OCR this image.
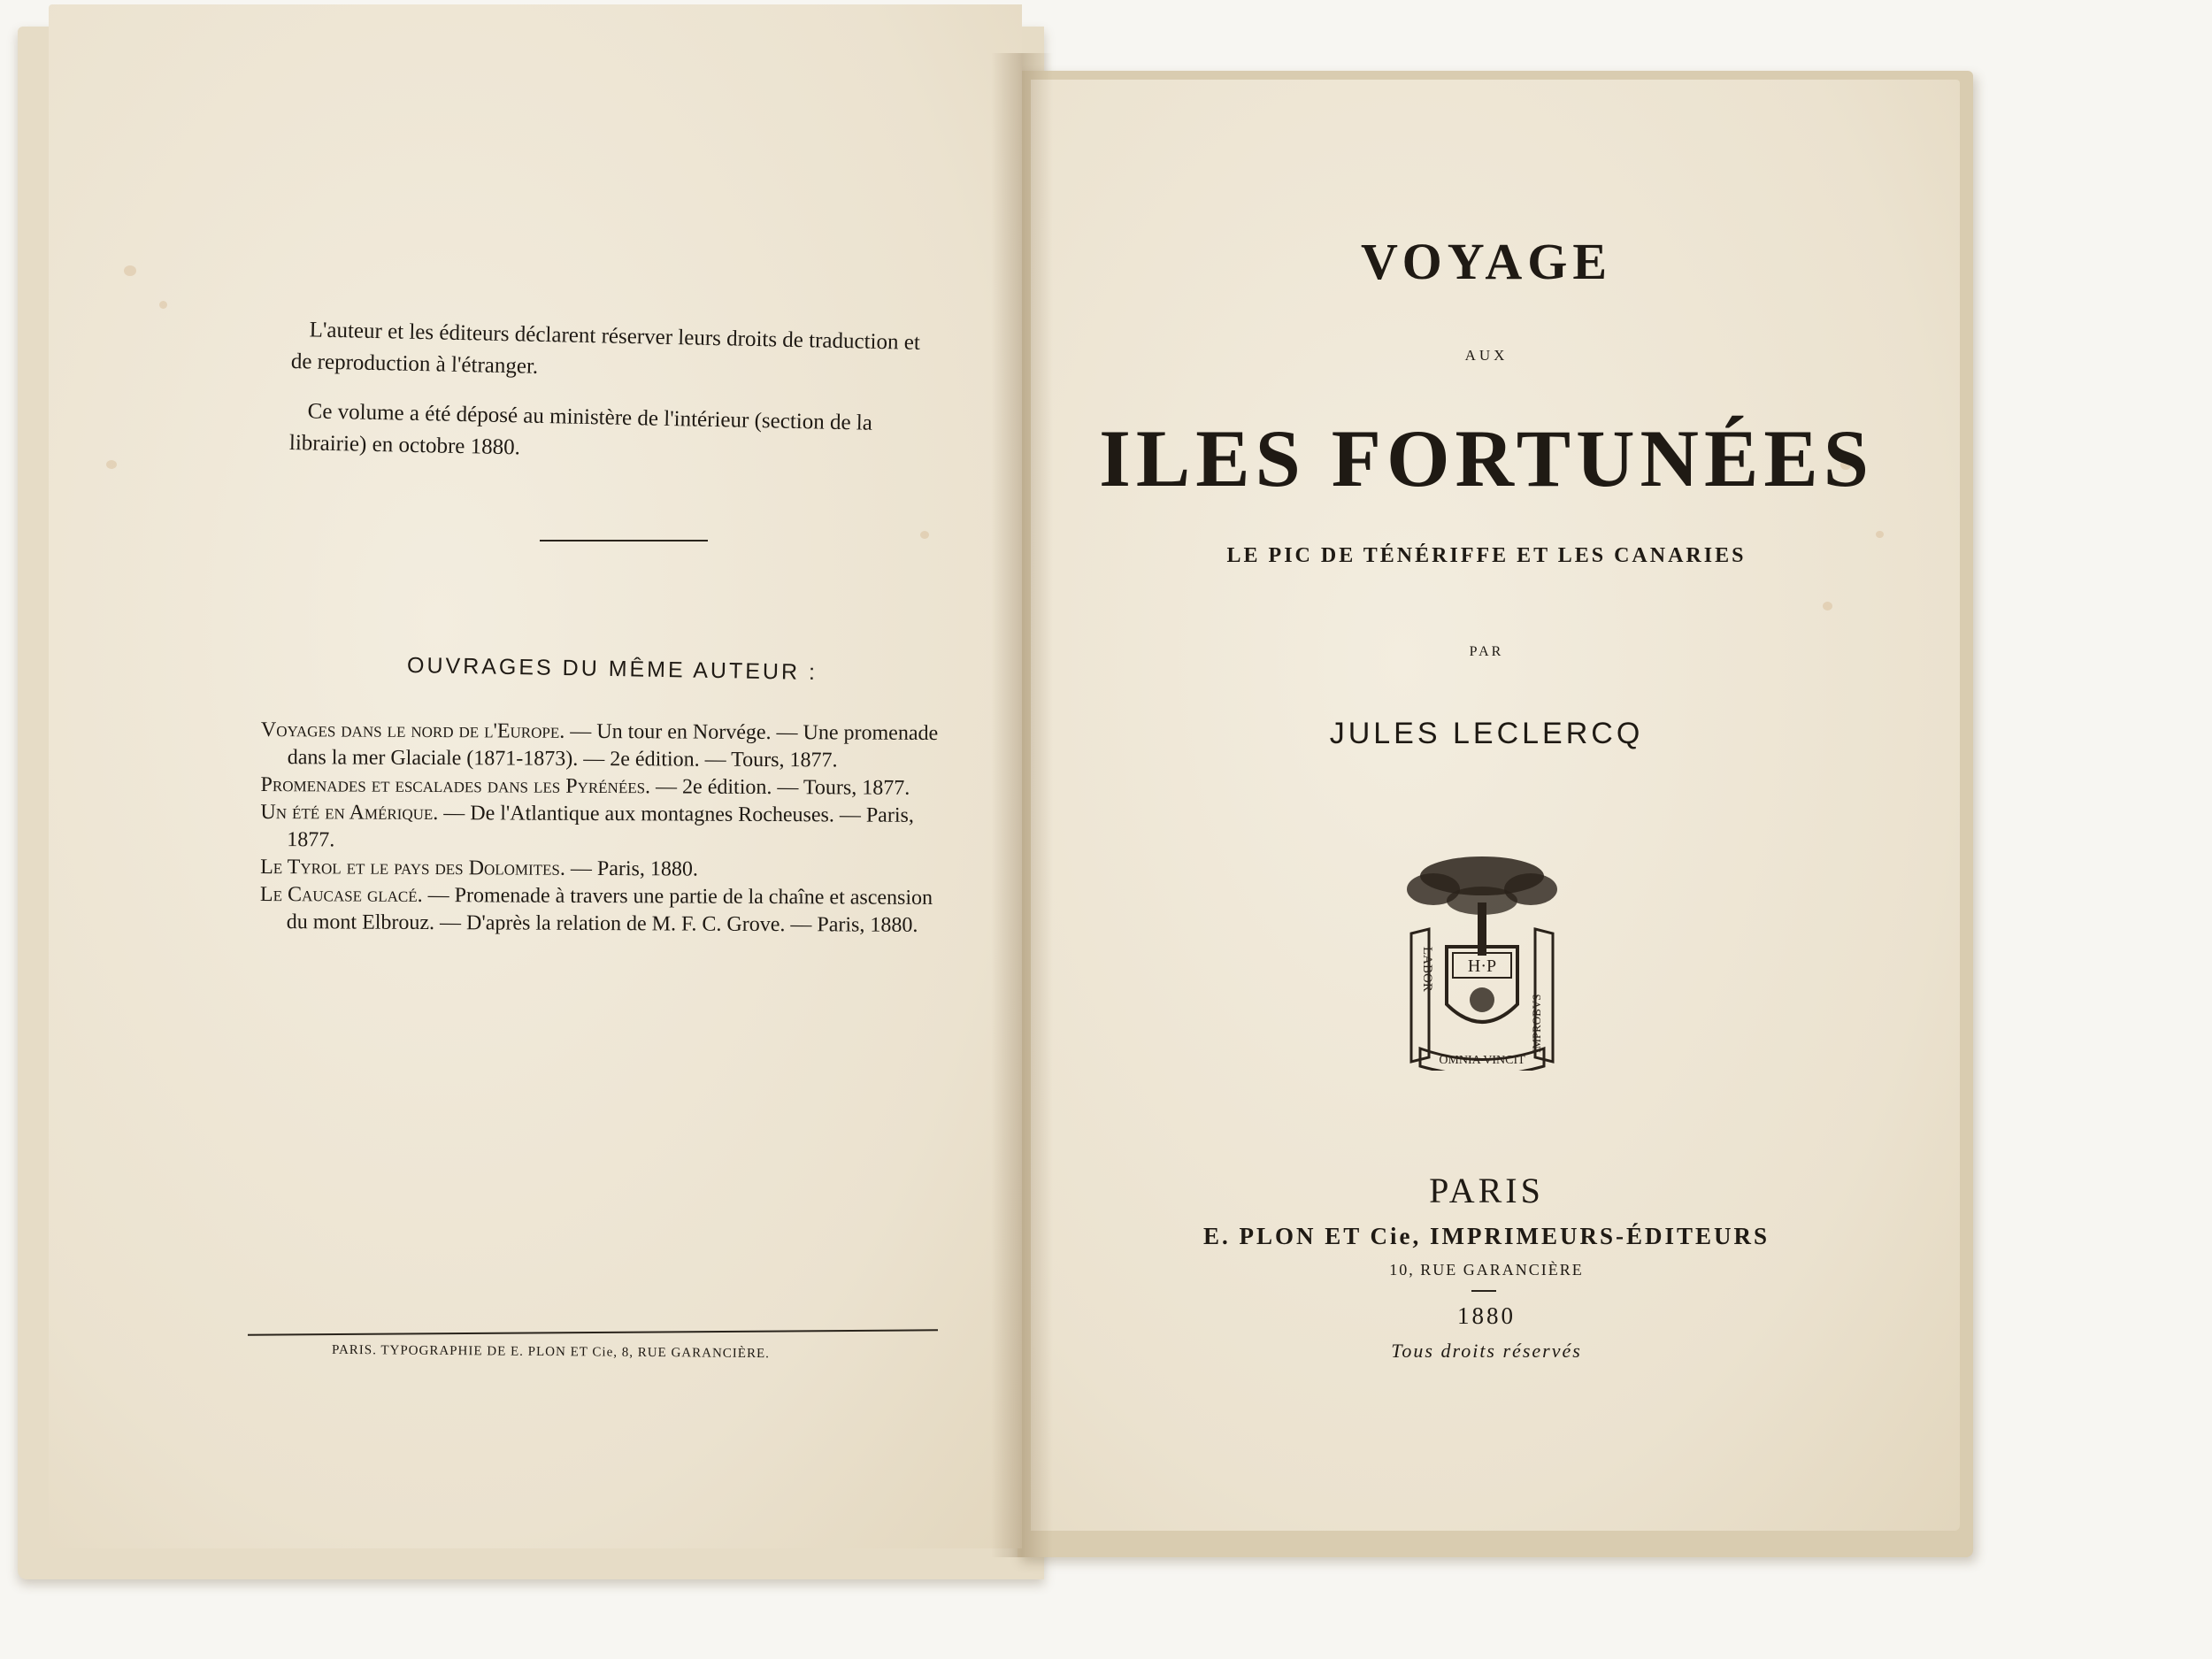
L'auteur et les éditeurs déclarent réserver leurs droits de traduction et de reproduction à l'étranger.

Ce volume a été déposé au ministère de l'intérieur (section de la librairie) en octobre 1880.

OUVRAGES DU MÊME AUTEUR :

Voyages dans le nord de l'Europe. — Un tour en Norvége. — Une promenade dans la mer Glaciale (1871-1873). — 2e édition. — Tours, 1877.

Promenades et escalades dans les Pyrénées. — 2e édition. — Tours, 1877.

Un été en Amérique. — De l'Atlantique aux montagnes Rocheuses. — Paris, 1877.

Le Tyrol et le pays des Dolomites. — Paris, 1880.

Le Caucase glacé. — Promenade à travers une partie de la chaîne et ascension du mont Elbrouz. — D'après la relation de M. F. C. Grove. — Paris, 1880.

PARIS. TYPOGRAPHIE DE E. PLON ET Cie, 8, RUE GARANCIÈRE.
VOYAGE
AUX
ILES FORTUNÉES
LE PIC DE TÉNÉRIFFE ET LES CANARIES
PAR
JULES LECLERCQ
LABOR
IMPROBVS
OMNIA VINCIT
H·P
PARIS
E. PLON ET Cie, IMPRIMEURS-ÉDITEURS
10, RUE GARANCIÈRE
1880
Tous droits réservés
